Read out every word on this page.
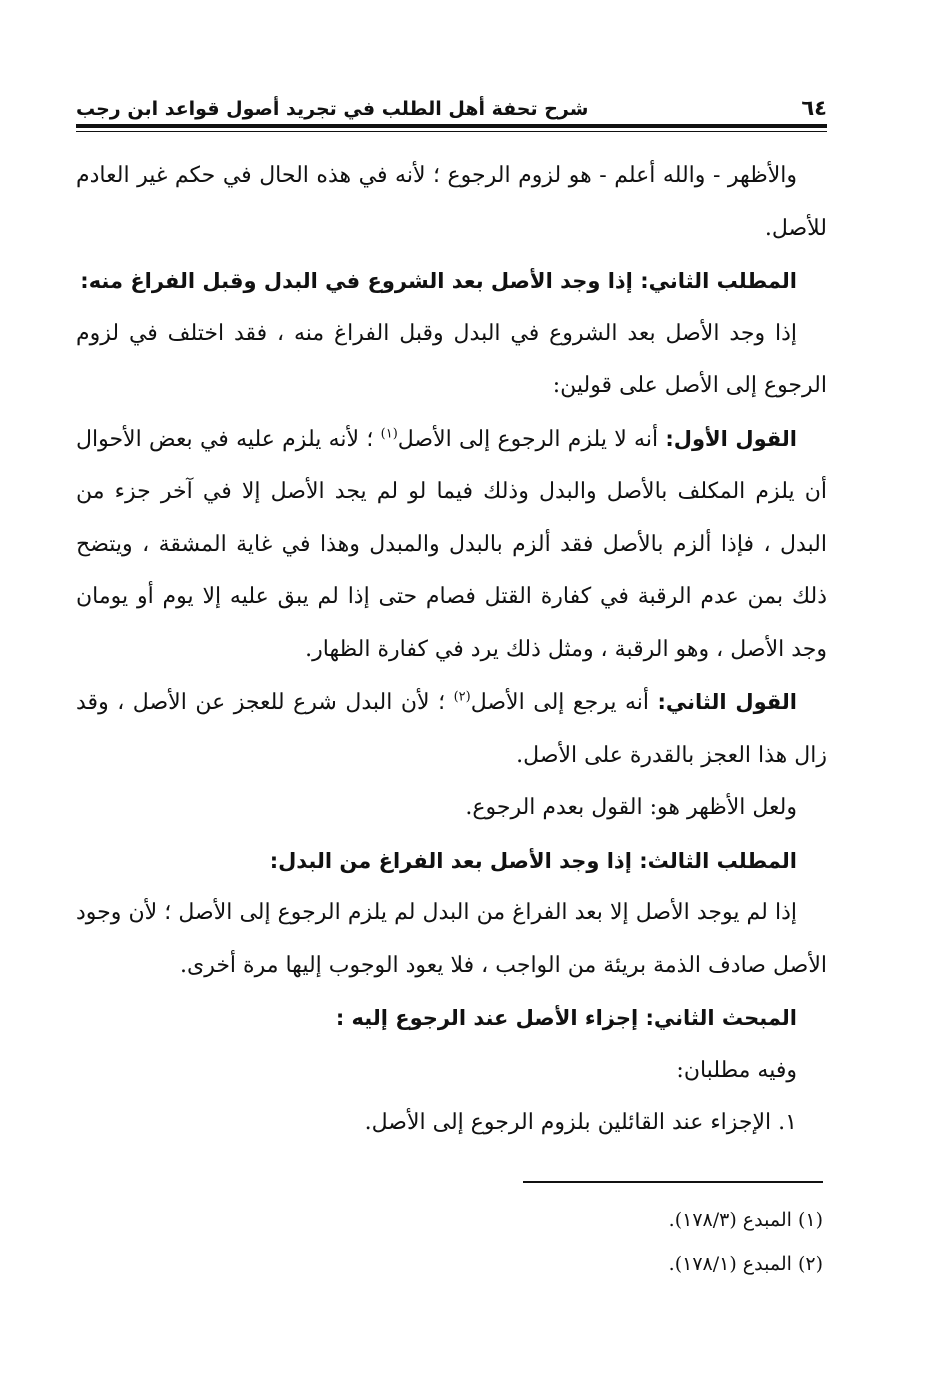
٦٤
شرح تحفة أهل الطلب في تجريد أصول قواعد ابن رجب

والأظهر - والله أعلم - هو لزوم الرجوع ؛ لأنه في هذه الحال في حكم غير العادم للأصل.

المطلب الثاني: إذا وجد الأصل بعد الشروع في البدل وقبل الفراغ منه:

إذا وجد الأصل بعد الشروع في البدل وقبل الفراغ منه ، فقد اختلف في لزوم الرجوع إلى الأصل على قولين:

القول الأول: أنه لا يلزم الرجوع إلى الأصل$^{(١)}$ ؛ لأنه يلزم عليه في بعض الأحوال أن يلزم المكلف بالأصل والبدل وذلك فيما لو لم يجد الأصل إلا في آخر جزء من البدل ، فإذا ألزم بالأصل فقد ألزم بالبدل والمبدل وهذا في غاية المشقة ، ويتضح ذلك بمن عدم الرقبة في كفارة القتل فصام حتى إذا لم يبق عليه إلا يوم أو يومان وجد الأصل ، وهو الرقبة ، ومثل ذلك يرد في كفارة الظهار.

القول الثاني: أنه يرجع إلى الأصل$^{(٢)}$ ؛ لأن البدل شرع للعجز عن الأصل ، وقد زال هذا العجز بالقدرة على الأصل.

ولعل الأظهر هو: القول بعدم الرجوع.

المطلب الثالث: إذا وجد الأصل بعد الفراغ من البدل:

إذا لم يوجد الأصل إلا بعد الفراغ من البدل لم يلزم الرجوع إلى الأصل ؛ لأن وجود الأصل صادف الذمة بريئة من الواجب ، فلا يعود الوجوب إليها مرة أخرى.

المبحث الثاني: إجزاء الأصل عند الرجوع إليه :

وفيه مطلبان:

١. الإجزاء عند القائلين بلزوم الرجوع إلى الأصل.

(١) المبدع (١٧٨/٣).
(٢) المبدع (١٧٨/١).
